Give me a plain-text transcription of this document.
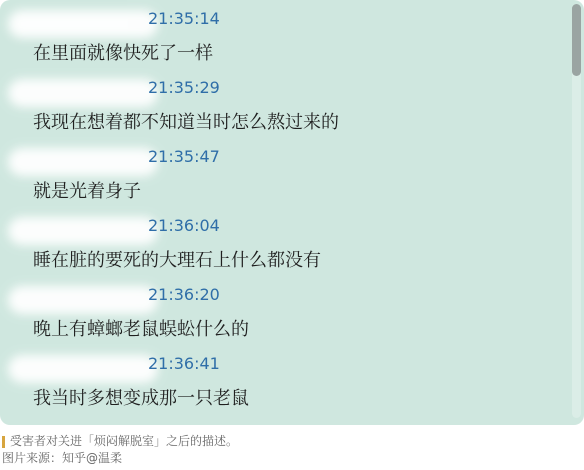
21:35:14
在里面就像快死了一样
21:35:29
我现在想着都不知道当时怎么熬过来的
21:35:47
就是光着身子
21:36:04
睡在脏的要死的大理石上什么都没有
21:36:20
晚上有蟑螂老鼠蜈蚣什么的
21:36:41
我当时多想变成那一只老鼠
受害者对关进「烦闷解脱室」之后的描述。
图片来源：知乎@温柔
